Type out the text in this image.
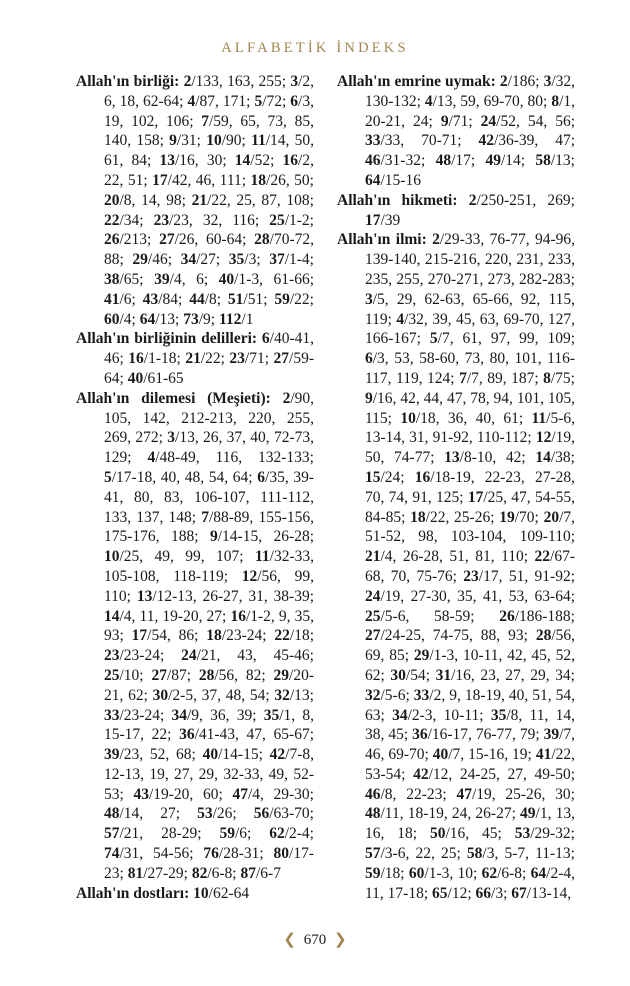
ALFABETİK İNDEKS

Allah'ın birliği: 2/133, 163, 255; 3/2, 6, 18, 62-64; 4/87, 171; 5/72; 6/3, 19, 102, 106; 7/59, 65, 73, 85, 140, 158; 9/31; 10/90; 11/14, 50, 61, 84; 13/16, 30; 14/52; 16/2, 22, 51; 17/42, 46, 111; 18/26, 50; 20/8, 14, 98; 21/22, 25, 87, 108; 22/34; 23/23, 32, 116; 25/1-2; 26/213; 27/26, 60-64; 28/70-72, 88; 29/46; 34/27; 35/3; 37/1-4; 38/65; 39/4, 6; 40/1-3, 61-66; 41/6; 43/84; 44/8; 51/51; 59/22; 60/4; 64/13; 73/9; 112/1

Allah'ın birliğinin delilleri: 6/40-41, 46; 16/1-18; 21/22; 23/71; 27/59-64; 40/61-65

Allah'ın dilemesi (Meşieti): 2/90, 105, 142, 212-213, 220, 255, 269, 272; 3/13, 26, 37, 40, 72-73, 129; 4/48-49, 116, 132-133; 5/17-18, 40, 48, 54, 64; 6/35, 39-41, 80, 83, 106-107, 111-112, 133, 137, 148; 7/88-89, 155-156, 175-176, 188; 9/14-15, 26-28; 10/25, 49, 99, 107; 11/32-33, 105-108, 118-119; 12/56, 99, 110; 13/12-13, 26-27, 31, 38-39; 14/4, 11, 19-20, 27; 16/1-2, 9, 35, 93; 17/54, 86; 18/23-24; 22/18; 23/23-24; 24/21, 43, 45-46; 25/10; 27/87; 28/56, 82; 29/20-21, 62; 30/2-5, 37, 48, 54; 32/13; 33/23-24; 34/9, 36, 39; 35/1, 8, 15-17, 22; 36/41-43, 47, 65-67; 39/23, 52, 68; 40/14-15; 42/7-8, 12-13, 19, 27, 29, 32-33, 49, 52-53; 43/19-20, 60; 47/4, 29-30; 48/14, 27; 53/26; 56/63-70; 57/21, 28-29; 59/6; 62/2-4; 74/31, 54-56; 76/28-31; 80/17-23; 81/27-29; 82/6-8; 87/6-7

Allah'ın dostları: 10/62-64

Allah'ın emrine uymak: 2/186; 3/32, 130-132; 4/13, 59, 69-70, 80; 8/1, 20-21, 24; 9/71; 24/52, 54, 56; 33/33, 70-71; 42/36-39, 47; 46/31-32; 48/17; 49/14; 58/13; 64/15-16

Allah'ın hikmeti: 2/250-251, 269; 17/39

Allah'ın ilmi: 2/29-33, 76-77, 94-96, 139-140, 215-216, 220, 231, 233, 235, 255, 270-271, 273, 282-283; 3/5, 29, 62-63, 65-66, 92, 115, 119; 4/32, 39, 45, 63, 69-70, 127, 166-167; 5/7, 61, 97, 99, 109; 6/3, 53, 58-60, 73, 80, 101, 116-117, 119, 124; 7/7, 89, 187; 8/75; 9/16, 42, 44, 47, 78, 94, 101, 105, 115; 10/18, 36, 40, 61; 11/5-6, 13-14, 31, 91-92, 110-112; 12/19, 50, 74-77; 13/8-10, 42; 14/38; 15/24; 16/18-19, 22-23, 27-28, 70, 74, 91, 125; 17/25, 47, 54-55, 84-85; 18/22, 25-26; 19/70; 20/7, 51-52, 98, 103-104, 109-110; 21/4, 26-28, 51, 81, 110; 22/67-68, 70, 75-76; 23/17, 51, 91-92; 24/19, 27-30, 35, 41, 53, 63-64; 25/5-6, 58-59; 26/186-188; 27/24-25, 74-75, 88, 93; 28/56, 69, 85; 29/1-3, 10-11, 42, 45, 52, 62; 30/54; 31/16, 23, 27, 29, 34; 32/5-6; 33/2, 9, 18-19, 40, 51, 54, 63; 34/2-3, 10-11; 35/8, 11, 14, 38, 45; 36/16-17, 76-77, 79; 39/7, 46, 69-70; 40/7, 15-16, 19; 41/22, 53-54; 42/12, 24-25, 27, 49-50; 46/8, 22-23; 47/19, 25-26, 30; 48/11, 18-19, 24, 26-27; 49/1, 13, 16, 18; 50/16, 45; 53/29-32; 57/3-6, 22, 25; 58/3, 5-7, 11-13; 59/18; 60/1-3, 10; 62/6-8; 64/2-4, 11, 17-18; 65/12; 66/3; 67/13-14,

❮ 670 ❯
